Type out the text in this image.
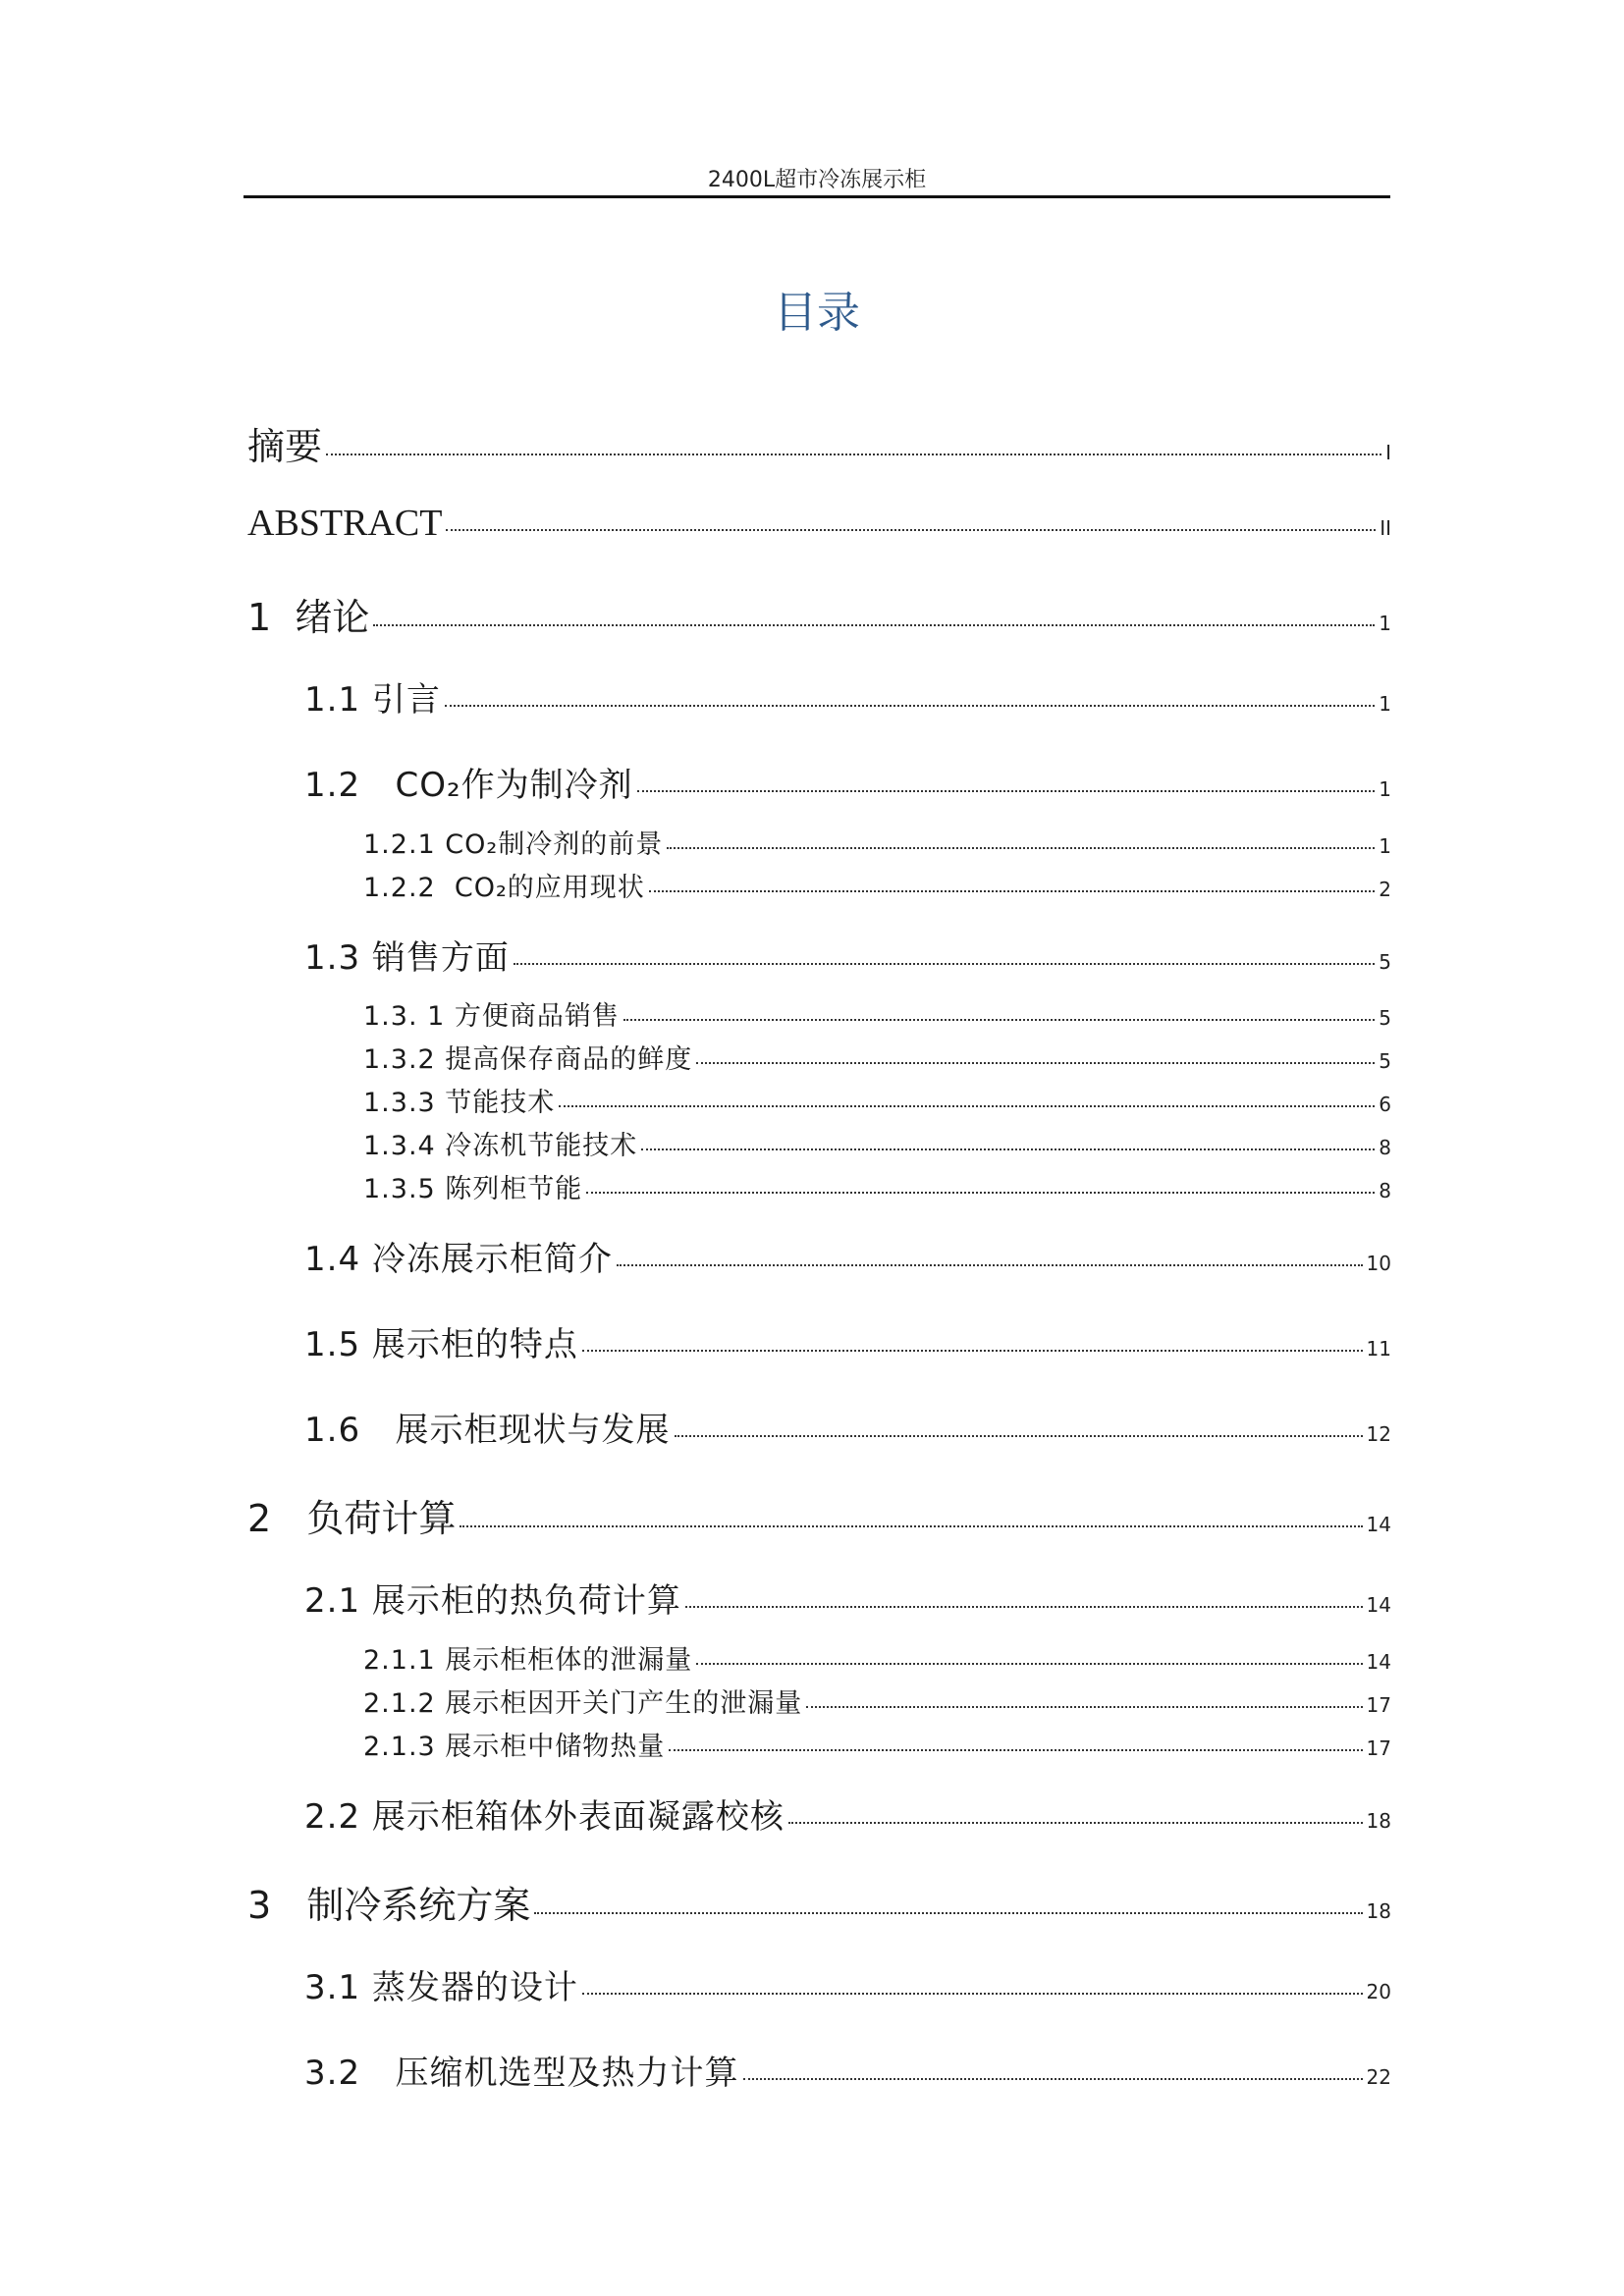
2400L超市冷冻展示柜
目录
摘要	I
ABSTRACT	II
1  绪论	1
1.1 引言	1
1.2   CO₂作为制冷剂	1
1.2.1 CO₂制冷剂的前景	1
1.2.2  CO₂的应用现状	2
1.3 销售方面	5
1.3. 1 方便商品销售	5
1.3.2 提高保存商品的鲜度	5
1.3.3 节能技术	6
1.3.4 冷冻机节能技术	8
1.3.5 陈列柜节能	8
1.4 冷冻展示柜简介	10
1.5 展示柜的特点	11
1.6   展示柜现状与发展	12
2   负荷计算	14
2.1 展示柜的热负荷计算	14
2.1.1 展示柜柜体的泄漏量	14
2.1.2 展示柜因开关门产生的泄漏量	17
2.1.3 展示柜中储物热量	17
2.2 展示柜箱体外表面凝露校核	18
3   制冷系统方案	18
3.1 蒸发器的设计	20
3.2   压缩机选型及热力计算	22
